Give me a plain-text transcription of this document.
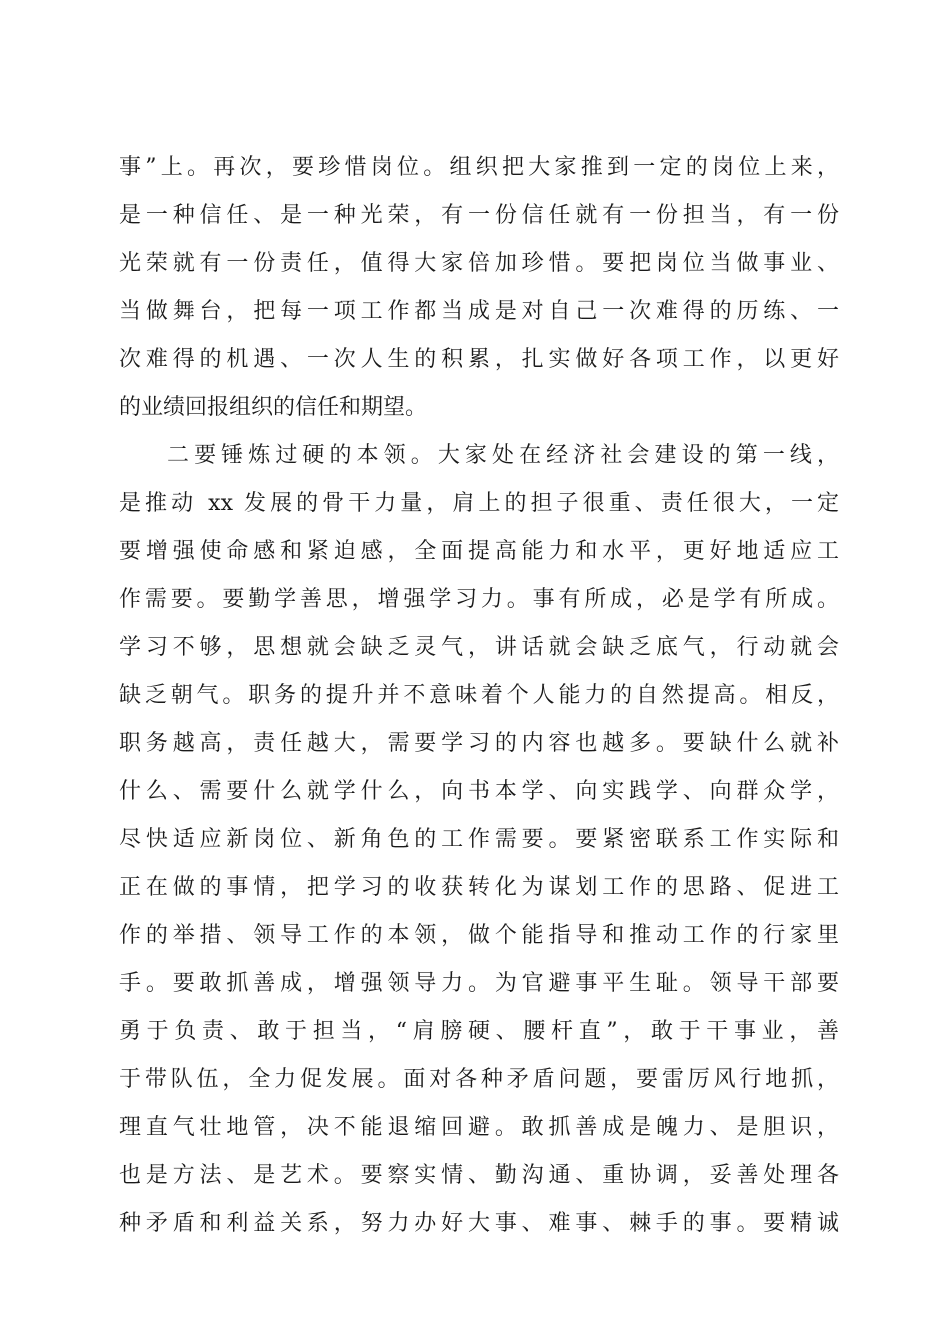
事”上。再次，要珍惜岗位。组织把大家推到一定的岗位上来，
是一种信任、是一种光荣，有一份信任就有一份担当，有一份
光荣就有一份责任，值得大家倍加珍惜。要把岗位当做事业、
当做舞台，把每一项工作都当成是对自己一次难得的历练、一
次难得的机遇、一次人生的积累，扎实做好各项工作，以更好
的业绩回报组织的信任和期望。
二要锤炼过硬的本领。大家处在经济社会建设的第一线，
是推动 xx 发展的骨干力量，肩上的担子很重、责任很大，一定
要增强使命感和紧迫感，全面提高能力和水平，更好地适应工
作需要。要勤学善思，增强学习力。事有所成，必是学有所成。
学习不够，思想就会缺乏灵气，讲话就会缺乏底气，行动就会
缺乏朝气。职务的提升并不意味着个人能力的自然提高。相反，
职务越高，责任越大，需要学习的内容也越多。要缺什么就补
什么、需要什么就学什么，向书本学、向实践学、向群众学，
尽快适应新岗位、新角色的工作需要。要紧密联系工作实际和
正在做的事情，把学习的收获转化为谋划工作的思路、促进工
作的举措、领导工作的本领，做个能指导和推动工作的行家里
手。要敢抓善成，增强领导力。为官避事平生耻。领导干部要
勇于负责、敢于担当，“肩膀硬、腰杆直”，敢于干事业，善
于带队伍，全力促发展。面对各种矛盾问题，要雷厉风行地抓，
理直气壮地管，决不能退缩回避。敢抓善成是魄力、是胆识，
也是方法、是艺术。要察实情、勤沟通、重协调，妥善处理各
种矛盾和利益关系，努力办好大事、难事、棘手的事。要精诚
